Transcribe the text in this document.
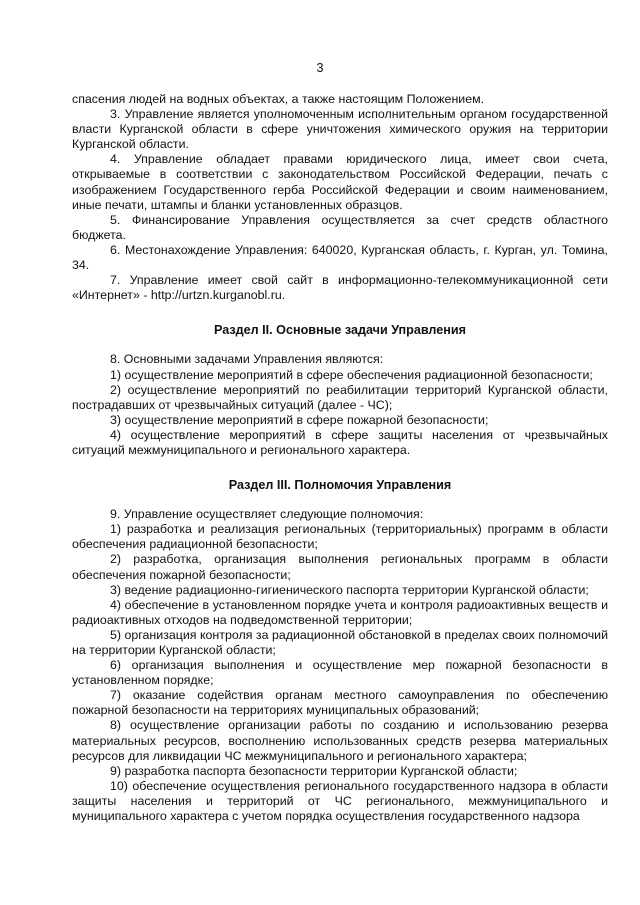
3

спасения людей на водных объектах, а также настоящим Положением.

3. Управление является уполномоченным исполнительным органом государственной власти Курганской области в сфере уничтожения химического оружия на территории Курганской области.

4. Управление обладает правами юридического лица, имеет свои счета, открываемые в соответствии с законодательством Российской Федерации, печать с изображением Государственного герба Российской Федерации и своим наименованием, иные печати, штампы и бланки установленных образцов.

5. Финансирование Управления осуществляется за счет средств областного бюджета.

6. Местонахождение Управления: 640020, Курганская область, г. Курган, ул. Томина, 34.

7. Управление имеет свой сайт в информационно-телекоммуникационной сети «Интернет» - http://urtzn.kurganobl.ru.

Раздел II. Основные задачи Управления

8. Основными задачами Управления являются:

1) осуществление мероприятий в сфере обеспечения радиационной безопасности;

2) осуществление мероприятий по реабилитации территорий Курганской области, пострадавших от чрезвычайных ситуаций (далее - ЧС);

3) осуществление мероприятий в сфере пожарной безопасности;

4) осуществление мероприятий в сфере защиты населения от чрезвычайных ситуаций межмуниципального и регионального характера.

Раздел III. Полномочия Управления

9. Управление осуществляет следующие полномочия:

1) разработка и реализация региональных (территориальных) программ в области обеспечения радиационной безопасности;

2) разработка, организация выполнения региональных программ в области обеспечения пожарной безопасности;

3) ведение радиационно-гигиенического паспорта территории Курганской области;

4) обеспечение в установленном порядке учета и контроля радиоактивных веществ и радиоактивных отходов на подведомственной территории;

5) организация контроля за радиационной обстановкой в пределах своих полномочий на территории Курганской области;

6) организация выполнения и осуществление мер пожарной безопасности в установленном порядке;

7) оказание содействия органам местного самоуправления по обеспечению пожарной безопасности на территориях муниципальных образований;

8) осуществление организации работы по созданию и использованию резерва материальных ресурсов, восполнению использованных средств резерва материальных ресурсов для ликвидации ЧС межмуниципального и регионального характера;

9) разработка паспорта безопасности территории Курганской области;

10) обеспечение осуществления регионального государственного надзора в области защиты населения и территорий от ЧС регионального, межмуниципального и муниципального характера с учетом порядка осуществления государственного надзора
